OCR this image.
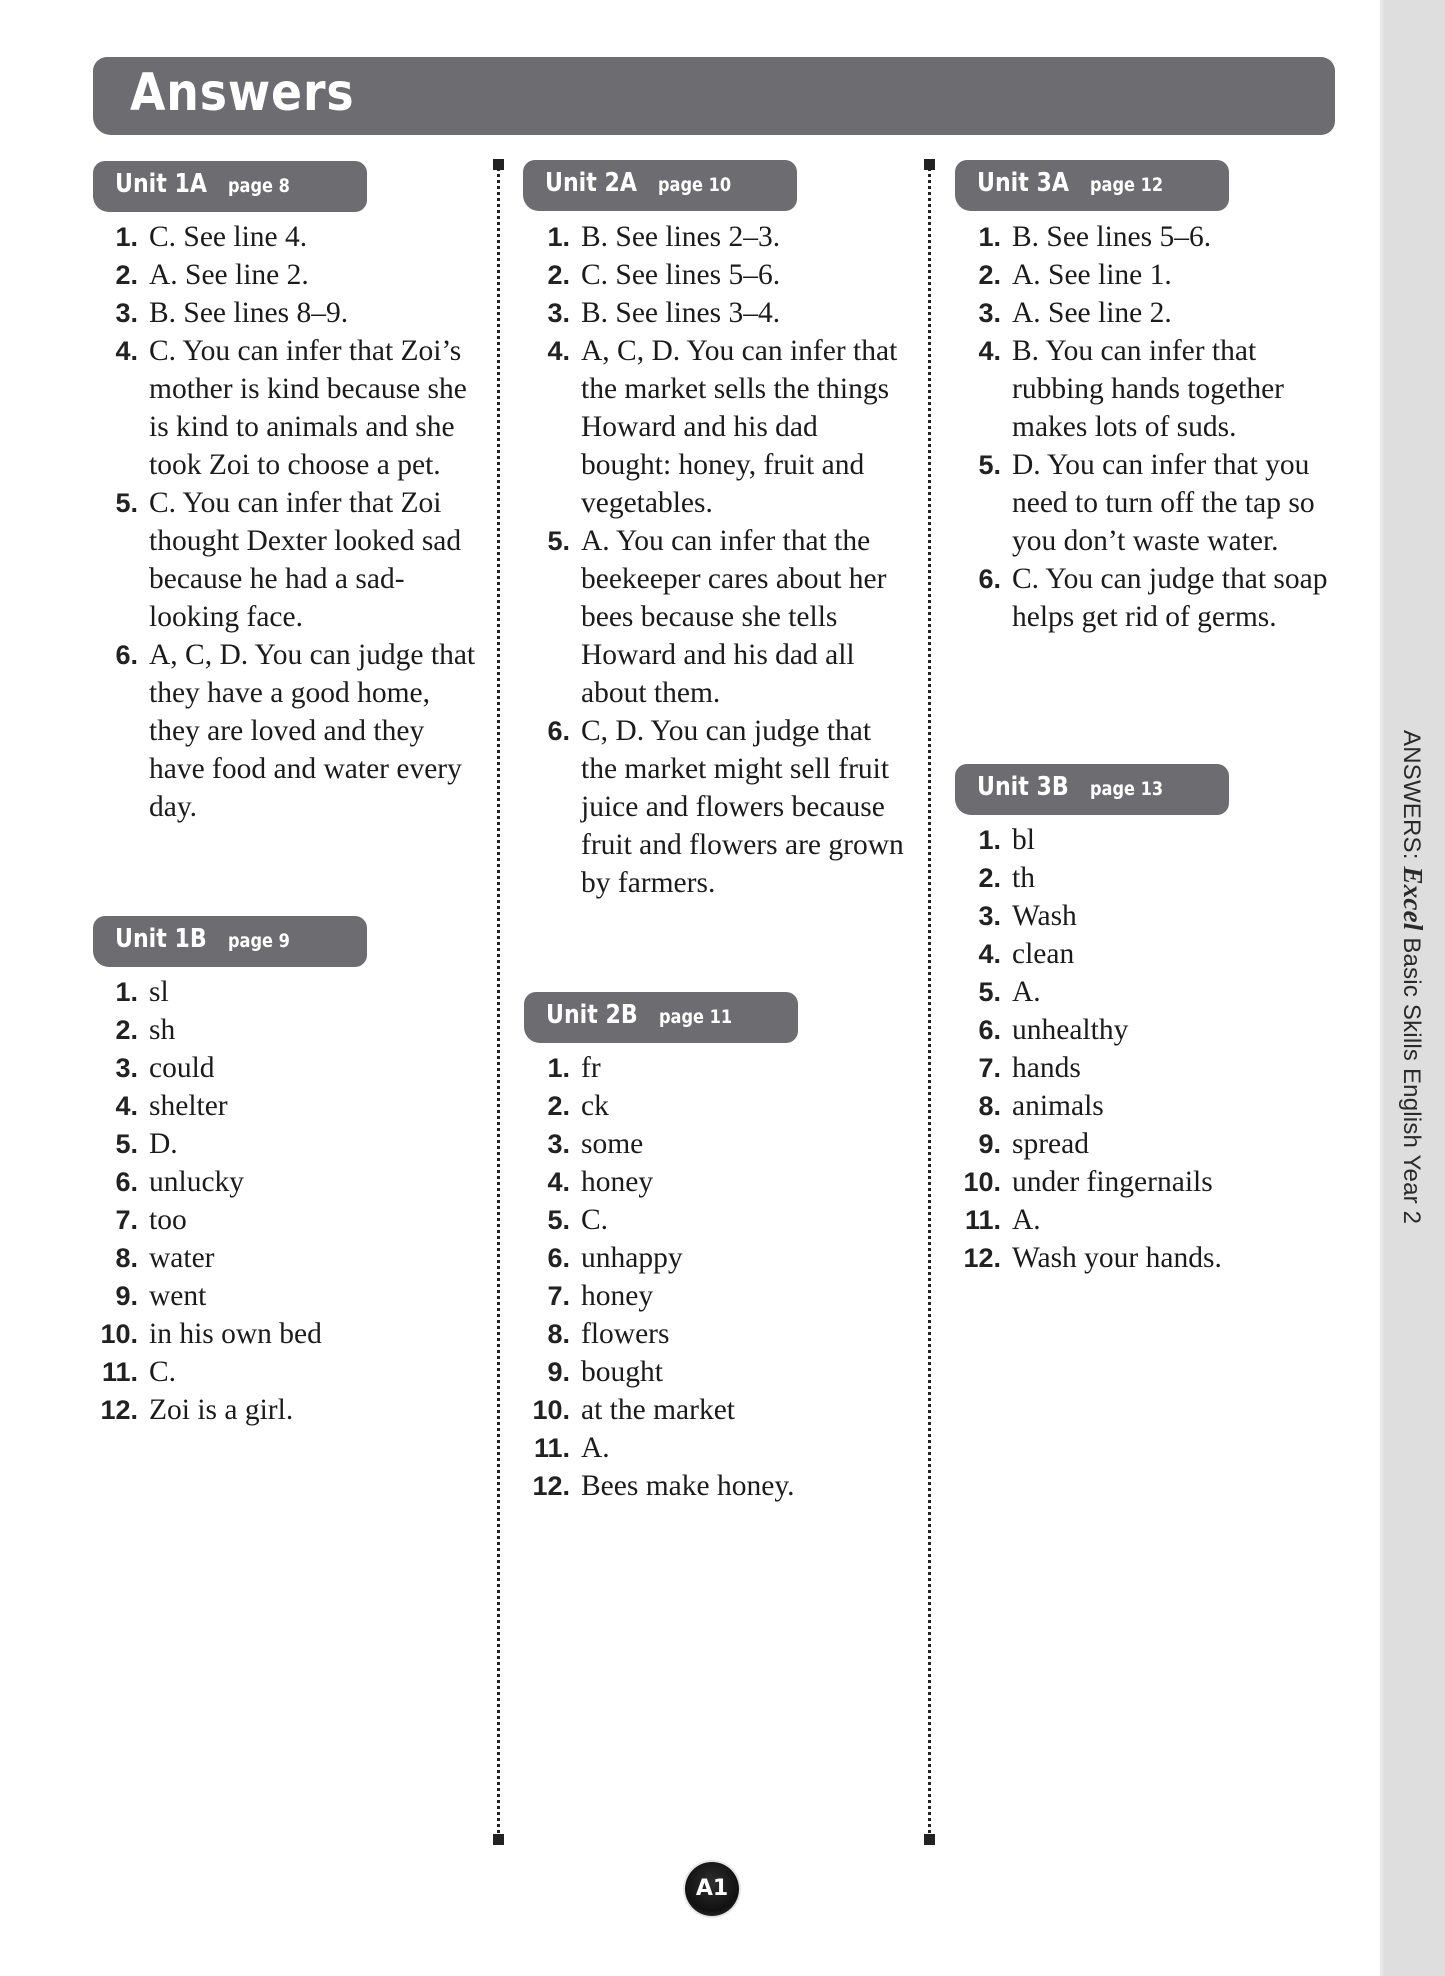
Answers
ANSWERS: Excel Basic Skills English Year 2
Unit 1A page 8
1. C. See line 4.
2. A. See line 2.
3. B. See lines 8–9.
4. C. You can infer that Zoi’s mother is kind because she is kind to animals and she took Zoi to choose a pet.
5. C. You can infer that Zoi thought Dexter looked sad because he had a sad-looking face.
6. A, C, D. You can judge that they have a good home, they are loved and they have food and water every day.
Unit 1B page 9
1. sl
2. sh
3. could
4. shelter
5. D.
6. unlucky
7. too
8. water
9. went
10. in his own bed
11. C.
12. Zoi is a girl.
Unit 2A page 10
1. B. See lines 2–3.
2. C. See lines 5–6.
3. B. See lines 3–4.
4. A, C, D. You can infer that the market sells the things Howard and his dad bought: honey, fruit and vegetables.
5. A. You can infer that the beekeeper cares about her bees because she tells Howard and his dad all about them.
6. C, D. You can judge that the market might sell fruit juice and flowers because fruit and flowers are grown by farmers.
Unit 2B page 11
1. fr
2. ck
3. some
4. honey
5. C.
6. unhappy
7. honey
8. flowers
9. bought
10. at the market
11. A.
12. Bees make honey.
Unit 3A page 12
1. B. See lines 5–6.
2. A. See line 1.
3. A. See line 2.
4. B. You can infer that rubbing hands together makes lots of suds.
5. D. You can infer that you need to turn off the tap so you don’t waste water.
6. C. You can judge that soap helps get rid of germs.
Unit 3B page 13
1. bl
2. th
3. Wash
4. clean
5. A.
6. unhealthy
7. hands
8. animals
9. spread
10. under fingernails
11. A.
12. Wash your hands.
A1
